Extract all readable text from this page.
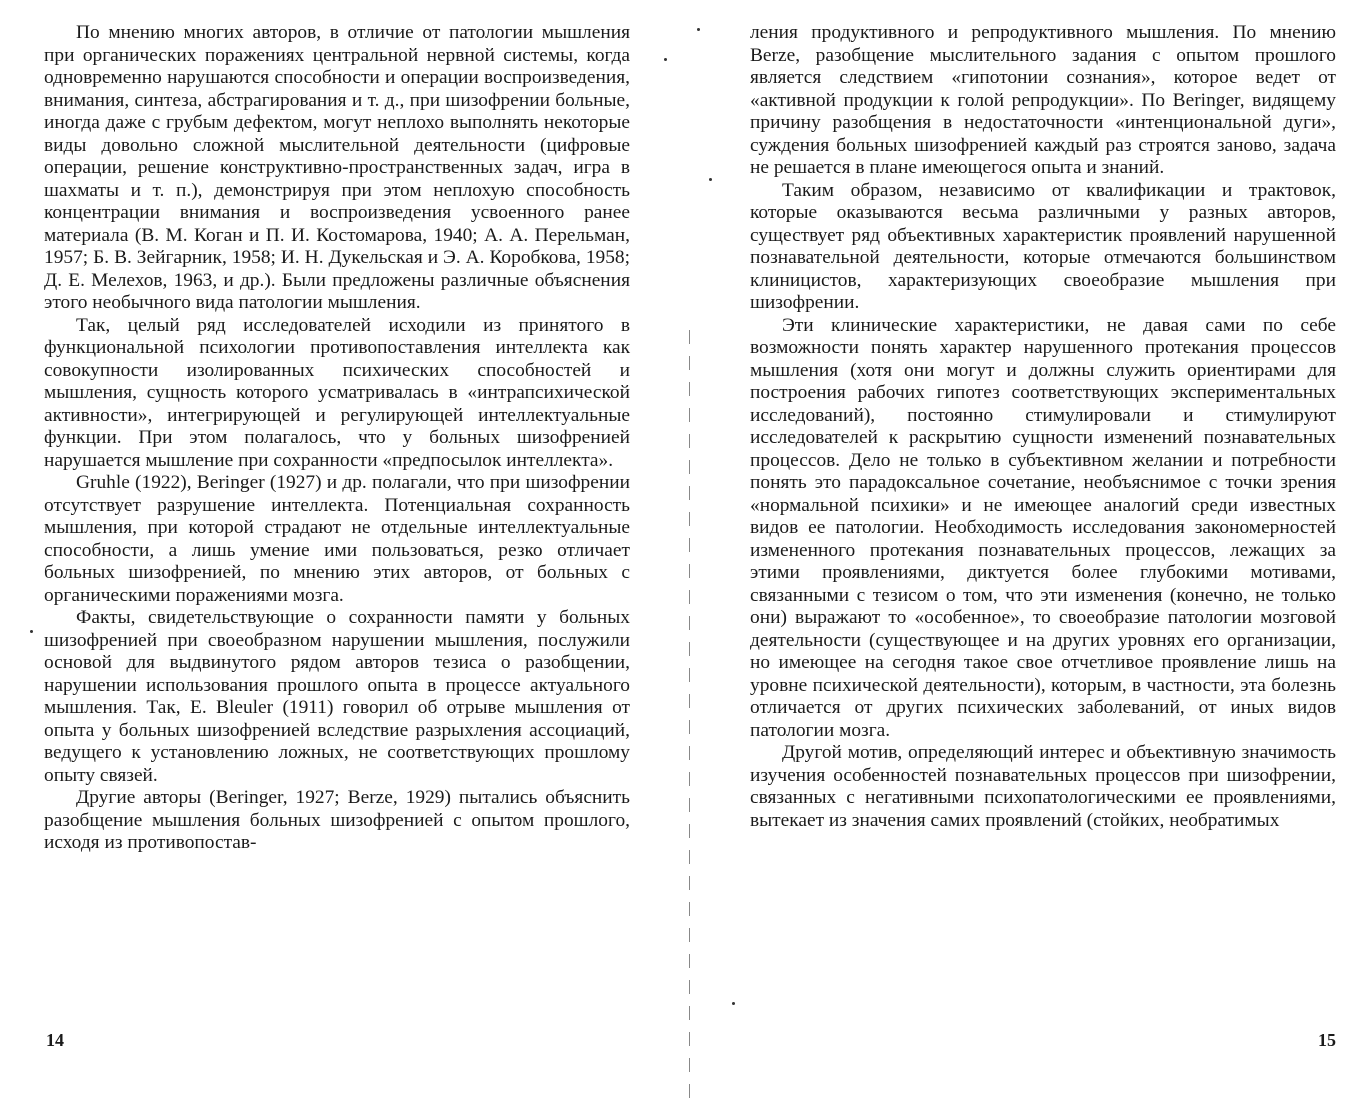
По мнению многих авторов, в отличие от патологии мышления при органических поражениях центральной нервной системы, когда одновременно нарушаются способности и операции воспроизведения, внимания, синтеза, абстрагирования и т. д., при шизофрении больные, иногда даже с грубым дефектом, могут неплохо выполнять некоторые виды довольно сложной мыслительной деятельности (цифровые операции, решение конструктивно-пространственных задач, игра в шахматы и т. п.), демонстрируя при этом неплохую способность концентрации внимания и воспроизведения усвоенного ранее материала (В. М. Коган и П. И. Костомарова, 1940; А. А. Перельман, 1957; Б. В. Зейгарник, 1958; И. Н. Дукельская и Э. А. Коробкова, 1958; Д. Е. Мелехов, 1963, и др.). Были предложены различные объяснения этого необычного вида патологии мышления.

Так, целый ряд исследователей исходили из принятого в функциональной психологии противопоставления интеллекта как совокупности изолированных психических способностей и мышления, сущность которого усматривалась в «интрапсихической активности», интегрирующей и регулирующей интеллектуальные функции. При этом полагалось, что у больных шизофренией нарушается мышление при сохранности «предпосылок интеллекта».

Gruhle (1922), Beringer (1927) и др. полагали, что при шизофрении отсутствует разрушение интеллекта. Потенциальная сохранность мышления, при которой страдают не отдельные интеллектуальные способности, а лишь умение ими пользоваться, резко отличает больных шизофренией, по мнению этих авторов, от больных с органическими поражениями мозга.

Факты, свидетельствующие о сохранности памяти у больных шизофренией при своеобразном нарушении мышления, послужили основой для выдвинутого рядом авторов тезиса о разобщении, нарушении использования прошлого опыта в процессе актуального мышления. Так, E. Bleuler (1911) говорил об отрыве мышления от опыта у больных шизофренией вследствие разрыхления ассоциаций, ведущего к установлению ложных, не соответствующих прошлому опыту связей.

Другие авторы (Beringer, 1927; Berze, 1929) пытались объяснить разобщение мышления больных шизофренией с опытом прошлого, исходя из противопостав-

14

ления продуктивного и репродуктивного мышления. По мнению Berze, разобщение мыслительного задания с опытом прошлого является следствием «гипотонии сознания», которое ведет от «активной продукции к голой репродукции». По Beringer, видящему причину разобщения в недостаточности «интенциональной дуги», суждения больных шизофренией каждый раз строятся заново, задача не решается в плане имеющегося опыта и знаний.

Таким образом, независимо от квалификации и трактовок, которые оказываются весьма различными у разных авторов, существует ряд объективных характеристик проявлений нарушенной познавательной деятельности, которые отмечаются большинством клиницистов, характеризующих своеобразие мышления при шизофрении.

Эти клинические характеристики, не давая сами по себе возможности понять характер нарушенного протекания процессов мышления (хотя они могут и должны служить ориентирами для построения рабочих гипотез соответствующих экспериментальных исследований), постоянно стимулировали и стимулируют исследователей к раскрытию сущности изменений познавательных процессов. Дело не только в субъективном желании и потребности понять это парадоксальное сочетание, необъяснимое с точки зрения «нормальной психики» и не имеющее аналогий среди известных видов ее патологии. Необходимость исследования закономерностей измененного протекания познавательных процессов, лежащих за этими проявлениями, диктуется более глубокими мотивами, связанными с тезисом о том, что эти изменения (конечно, не только они) выражают то «особенное», то своеобразие патологии мозговой деятельности (существующее и на других уровнях его организации, но имеющее на сегодня такое свое отчетливое проявление лишь на уровне психической деятельности), которым, в частности, эта болезнь отличается от других психических заболеваний, от иных видов патологии мозга.

Другой мотив, определяющий интерес и объективную значимость изучения особенностей познавательных процессов при шизофрении, связанных с негативными психопатологическими ее проявлениями, вытекает из значения самих проявлений (стойких, необратимых

15
